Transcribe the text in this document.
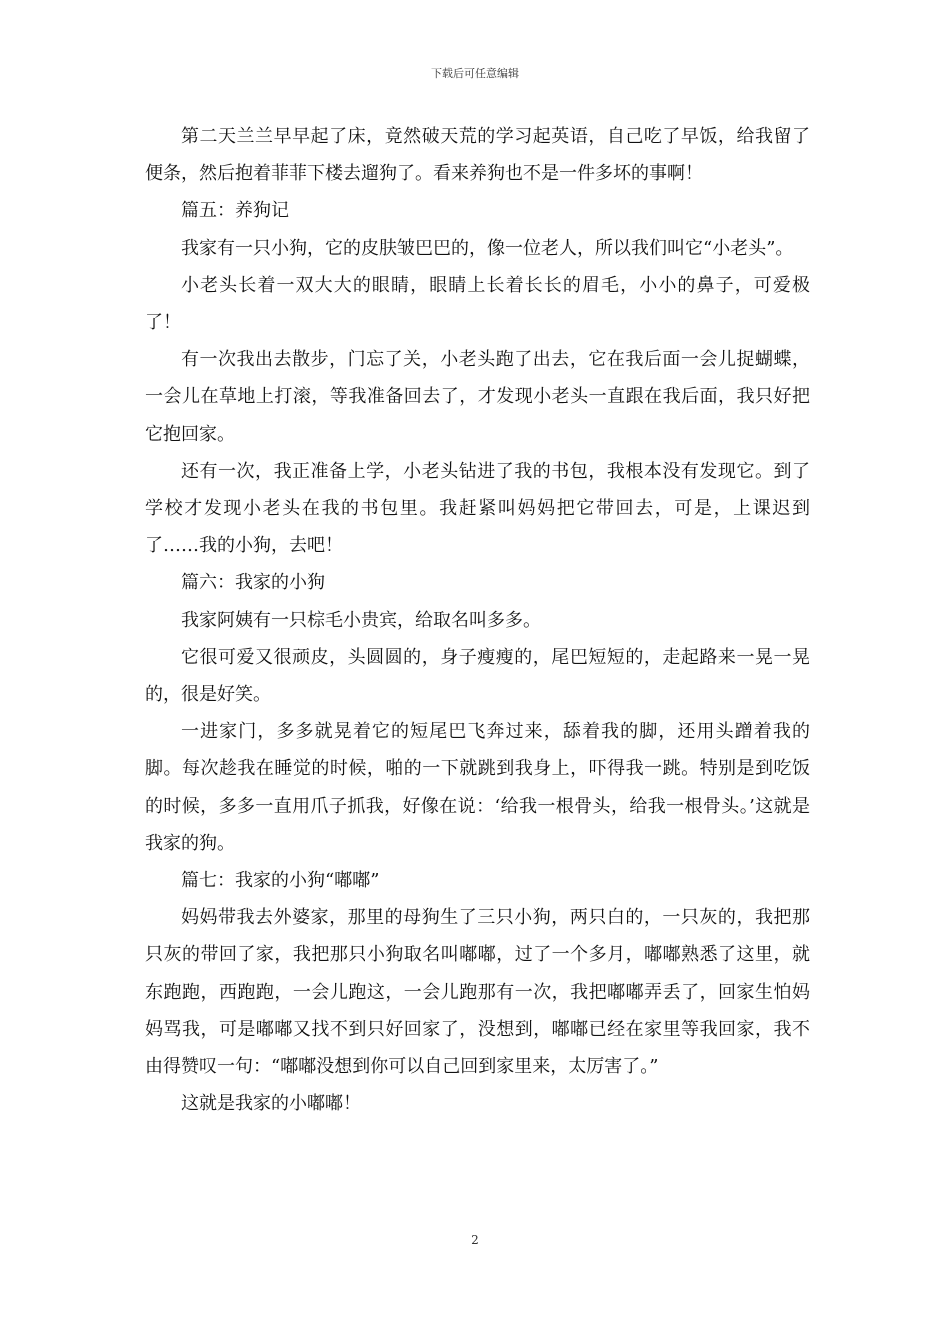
下载后可任意编辑

第二天兰兰早早起了床，竟然破天荒的学习起英语，自己吃了早饭，给我留了便条，然后抱着菲菲下楼去遛狗了。看来养狗也不是一件多坏的事啊！

篇五：养狗记

我家有一只小狗，它的皮肤皱巴巴的，像一位老人，所以我们叫它“小老头”。

小老头长着一双大大的眼睛，眼睛上长着长长的眉毛，小小的鼻子，可爱极了！

有一次我出去散步，门忘了关，小老头跑了出去，它在我后面一会儿捉蝴蝶，一会儿在草地上打滚，等我准备回去了，才发现小老头一直跟在我后面，我只好把它抱回家。

还有一次，我正准备上学，小老头钻进了我的书包，我根本没有发现它。到了学校才发现小老头在我的书包里。我赶紧叫妈妈把它带回去，可是，上课迟到了……我的小狗，去吧！

篇六：我家的小狗

我家阿姨有一只棕毛小贵宾，给取名叫多多。

它很可爱又很顽皮，头圆圆的，身子瘦瘦的，尾巴短短的，走起路来一晃一晃的，很是好笑。

一进家门，多多就晃着它的短尾巴飞奔过来，舔着我的脚，还用头蹭着我的脚。每次趁我在睡觉的时候，啪的一下就跳到我身上，吓得我一跳。特别是到吃饭的时候，多多一直用爪子抓我，好像在说：‘给我一根骨头，给我一根骨头。’这就是我家的狗。

篇七：我家的小狗“嘟嘟”

妈妈带我去外婆家，那里的母狗生了三只小狗，两只白的，一只灰的，我把那只灰的带回了家，我把那只小狗取名叫嘟嘟，过了一个多月，嘟嘟熟悉了这里，就东跑跑，西跑跑，一会儿跑这，一会儿跑那有一次，我把嘟嘟弄丢了，回家生怕妈妈骂我，可是嘟嘟又找不到只好回家了，没想到，嘟嘟已经在家里等我回家，我不由得赞叹一句：“嘟嘟没想到你可以自己回到家里来，太厉害了。”

这就是我家的小嘟嘟！

2
